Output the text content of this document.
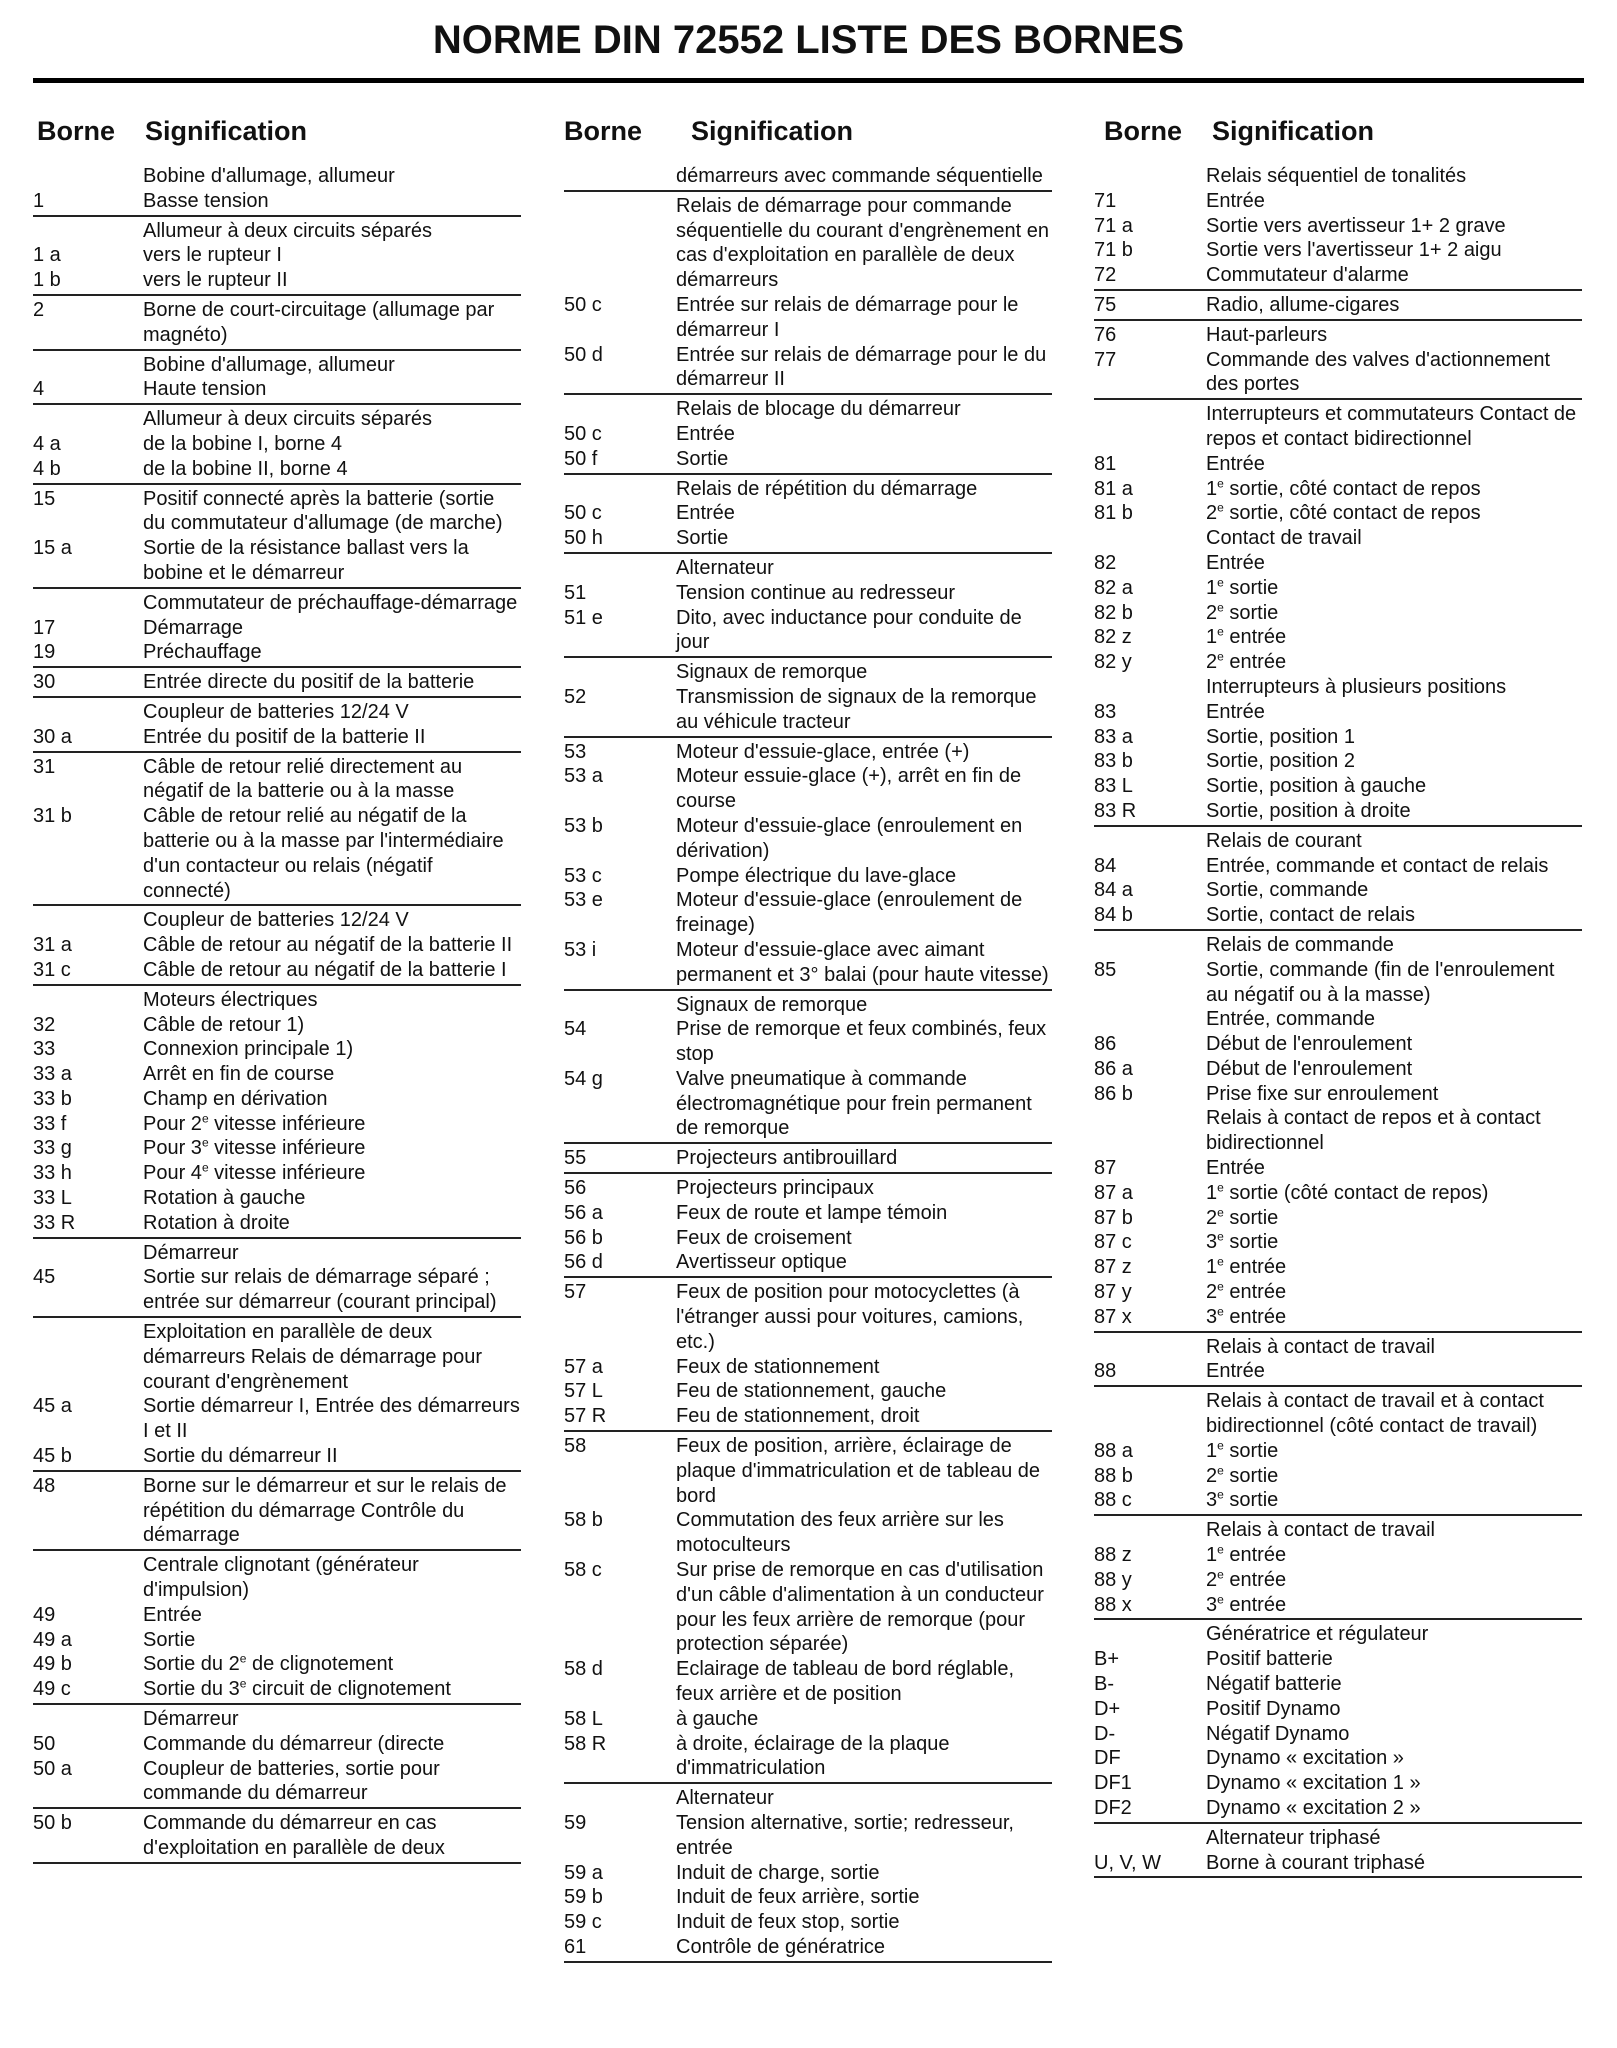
NORME DIN 72552 LISTE DES BORNES
Borne Signification
Bobine d'allumage, allumeur
1	Basse tension
Allumeur à deux circuits séparés
1 a	vers le rupteur I
1 b	vers le rupteur II
2	Borne de court-circuitage (allumage par magnéto)
Bobine d'allumage, allumeur
4	Haute tension
Allumeur à deux circuits séparés
4 a	de la bobine I, borne 4
4 b	de la bobine II, borne 4
15	Positif connecté après la batterie (sortie du commutateur d'allumage (de marche)
15 a	Sortie de la résistance ballast vers la bobine et le démarreur
Commutateur de préchauffage-démarrage
17	Démarrage
19	Préchauffage
30	Entrée directe du positif de la batterie
Coupleur de batteries 12/24 V
30 a	Entrée du positif de la batterie II
31	Câble de retour relié directement au négatif de la batterie ou à la masse
31 b	Câble de retour relié au négatif de la batterie ou à la masse par l'intermédiaire d'un contacteur ou relais (négatif connecté)
Coupleur de batteries 12/24 V
31 a	Câble de retour au négatif de la batterie II
31 c	Câble de retour au négatif de la batterie I
Moteurs électriques
32	Câble de retour 1)
33	Connexion principale 1)
33 a	Arrêt en fin de course
33 b	Champ en dérivation
33 f	Pour 2e vitesse inférieure
33 g	Pour 3e vitesse inférieure
33 h	Pour 4e vitesse inférieure
33 L	Rotation à gauche
33 R	Rotation à droite
Démarreur
45	Sortie sur relais de démarrage séparé ; entrée sur démarreur (courant principal)
Exploitation en parallèle de deux démarreurs Relais de démarrage pour courant d'engrènement
45 a	Sortie démarreur I, Entrée des démarreurs I et II
45 b	Sortie du démarreur II
48	Borne sur le démarreur et sur le relais de répétition du démarrage Contrôle du démarrage
Centrale clignotant (générateur d'impulsion)
49	Entrée
49 a	Sortie
49 b	Sortie du 2e de clignotement
49 c	Sortie du 3e circuit de clignotement
Démarreur
50	Commande du démarreur (directe
50 a	Coupleur de batteries, sortie pour commande du démarreur
50 b	Commande du démarreur en cas d'exploitation en parallèle de deux
Borne Signification
démarreurs avec commande séquentielle
Relais de démarrage pour commande séquentielle du courant d'engrènement en cas d'exploitation en parallèle de deux démarreurs
50 c	Entrée sur relais de démarrage pour le démarreur I
50 d	Entrée sur relais de démarrage pour le du démarreur II
Relais de blocage du démarreur
50 c	Entrée
50 f	Sortie
Relais de répétition du démarrage
50 c	Entrée
50 h	Sortie
Alternateur
51	Tension continue au redresseur
51 e	Dito, avec inductance pour conduite de jour
Signaux de remorque
52	Transmission de signaux de la remorque au véhicule tracteur
53	Moteur d'essuie-glace, entrée (+)
53 a	Moteur essuie-glace (+), arrêt en fin de course
53 b	Moteur d'essuie-glace (enroulement en dérivation)
53 c	Pompe électrique du lave-glace
53 e	Moteur d'essuie-glace (enroulement de freinage)
53 i	Moteur d'essuie-glace avec aimant permanent et 3° balai (pour haute vitesse)
Signaux de remorque
54	Prise de remorque et feux combinés, feux stop
54 g	Valve pneumatique à commande électromagnétique pour frein permanent de remorque
55	Projecteurs antibrouillard
56	Projecteurs principaux
56 a	Feux de route et lampe témoin
56 b	Feux de croisement
56 d	Avertisseur optique
57	Feux de position pour motocyclettes (à l'étranger aussi pour voitures, camions, etc.)
57 a	Feux de stationnement
57 L	Feu de stationnement, gauche
57 R	Feu de stationnement, droit
58	Feux de position, arrière, éclairage de plaque d'immatriculation et de tableau de bord
58 b	Commutation des feux arrière sur les motoculteurs
58 c	Sur prise de remorque en cas d'utilisation d'un câble d'alimentation à un conducteur pour les feux arrière de remorque (pour protection séparée)
58 d	Eclairage de tableau de bord réglable, feux arrière et de position
58 L	à gauche
58 R	à droite, éclairage de la plaque d'immatriculation
Alternateur
59	Tension alternative, sortie; redresseur, entrée
59 a	Induit de charge, sortie
59 b	Induit de feux arrière, sortie
59 c	Induit de feux stop, sortie
61	Contrôle de génératrice
Borne Signification
Relais séquentiel de tonalités
71	Entrée
71 a	Sortie vers avertisseur 1+ 2 grave
71 b	Sortie vers l'avertisseur 1+ 2 aigu
72	Commutateur d'alarme
75	Radio, allume-cigares
76	Haut-parleurs
77	Commande des valves d'actionnement des portes
Interrupteurs et commutateurs Contact de repos et contact bidirectionnel
81	Entrée
81 a	1e sortie, côté contact de repos
81 b	2e sortie, côté contact de repos
Contact de travail
82	Entrée
82 a	1e sortie
82 b	2e sortie
82 z	1e entrée
82 y	2e entrée
Interrupteurs à plusieurs positions
83	Entrée
83 a	Sortie, position 1
83 b	Sortie, position 2
83 L	Sortie, position à gauche
83 R	Sortie, position à droite
Relais de courant
84	Entrée, commande et contact de relais
84 a	Sortie, commande
84 b	Sortie, contact de relais
Relais de commande
85	Sortie, commande (fin de l'enroulement au négatif ou à la masse)
Entrée, commande
86	Début de l'enroulement
86 a	Début de l'enroulement
86 b	Prise fixe sur enroulement
Relais à contact de repos et à contact bidirectionnel
87	Entrée
87 a	1e sortie (côté contact de repos)
87 b	2e sortie
87 c	3e sortie
87 z	1e entrée
87 y	2e entrée
87 x	3e entrée
Relais à contact de travail
88	Entrée
Relais à contact de travail et à contact bidirectionnel (côté contact de travail)
88 a	1e sortie
88 b	2e sortie
88 c	3e sortie
Relais à contact de travail
88 z	1e entrée
88 y	2e entrée
88 x	3e entrée
Génératrice et régulateur
B+	Positif batterie
B-	Négatif batterie
D+	Positif Dynamo
D-	Négatif Dynamo
DF	Dynamo « excitation »
DF1	Dynamo « excitation 1 »
DF2	Dynamo « excitation 2 »
Alternateur triphasé
U, V, W	Borne à courant triphasé
